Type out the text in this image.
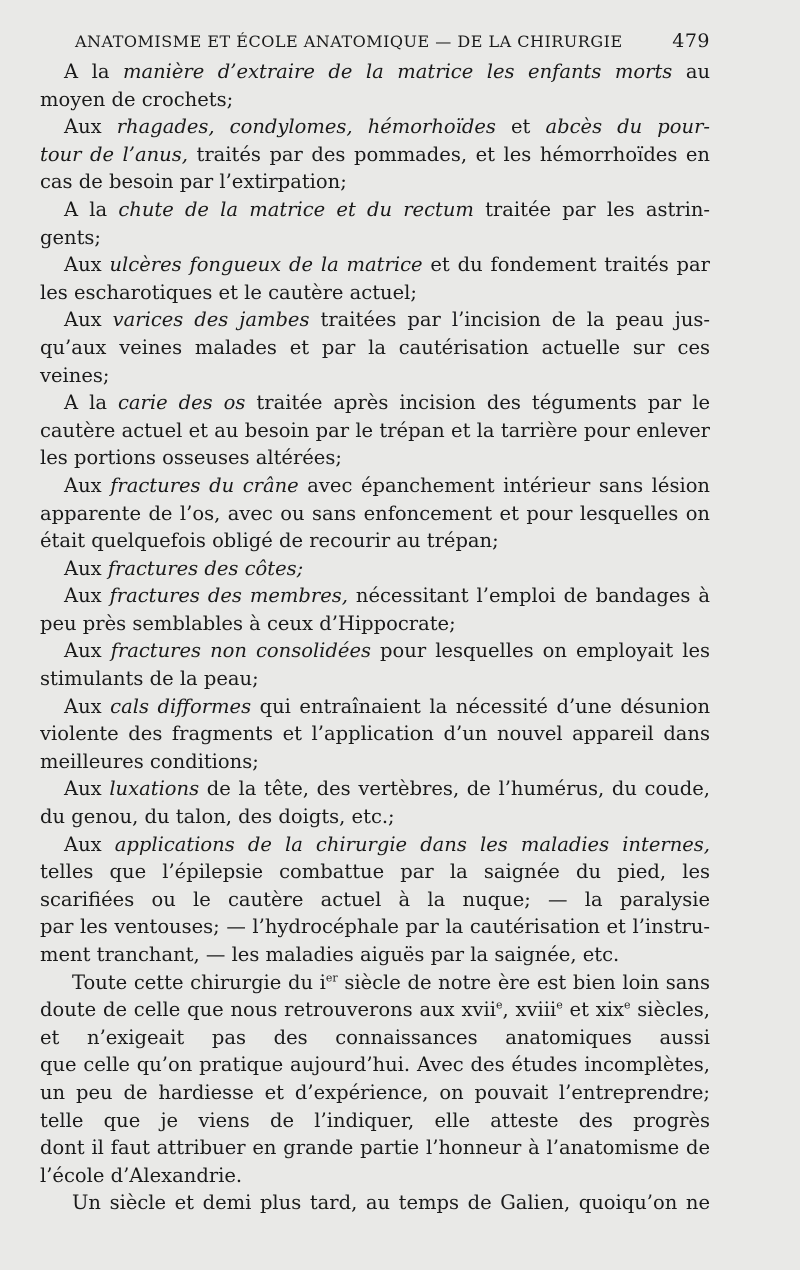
ANATOMISME ET ÉCOLE ANATOMIQUE — DE LA CHIRURGIE	479
A la manière d’extraire de la matrice les enfants morts au
moyen de crochets;
Aux rhagades, condylomes, hémorhoïdes et abcès du pour-
tour de l’anus, traités par des pommades, et les hémorrhoïdes en
cas de besoin par l’extirpation;
A la chute de la matrice et du rectum traitée par les astrin-
gents;
Aux ulcères fongueux de la matrice et du fondement traités par
les escharotiques et le cautère actuel;
Aux varices des jambes traitées par l’incision de la peau jus-
qu’aux veines malades et par la cautérisation actuelle sur ces
veines;
A la carie des os traitée après incision des téguments par le
cautère actuel et au besoin par le trépan et la tarrière pour enlever
les portions osseuses altérées;
Aux fractures du crâne avec épanchement intérieur sans lésion
apparente de l’os, avec ou sans enfoncement et pour lesquelles on
était quelquefois obligé de recourir au trépan;
Aux fractures des côtes;
Aux fractures des membres, nécessitant l’emploi de bandages à
peu près semblables à ceux d’Hippocrate;
Aux fractures non consolidées pour lesquelles on employait les
stimulants de la peau;
Aux cals difformes qui entraînaient la nécessité d’une désunion
violente des fragments et l’application d’un nouvel appareil dans
meilleures conditions;
Aux luxations de la tête, des vertèbres, de l’humérus, du coude,
du genou, du talon, des doigts, etc.;
Aux applications de la chirurgie dans les maladies internes,
telles que l’épilepsie combattue par la saignée du pied, les
scarifiées ou le cautère actuel à la nuque; — la paralysie
par les ventouses; — l’hydrocéphale par la cautérisation et l’instru-
ment tranchant, — les maladies aiguës par la saignée, etc.
Toute cette chirurgie du $i^{er}$ siècle de notre ère est bien loin sans
doute de celle que nous retrouverons aux xvii$^e$, xviii$^e$ et xix$^e$ siècles,
et n’exigeait pas des connaissances anatomiques aussi
que celle qu’on pratique aujourd’hui. Avec des études incomplètes,
un peu de hardiesse et d’expérience, on pouvait l’entreprendre;
telle que je viens de l’indiquer, elle atteste des progrès
dont il faut attribuer en grande partie l’honneur à l’anatomisme de
l’école d’Alexandrie.
Un siècle et demi plus tard, au temps de Galien, quoiqu’on ne
